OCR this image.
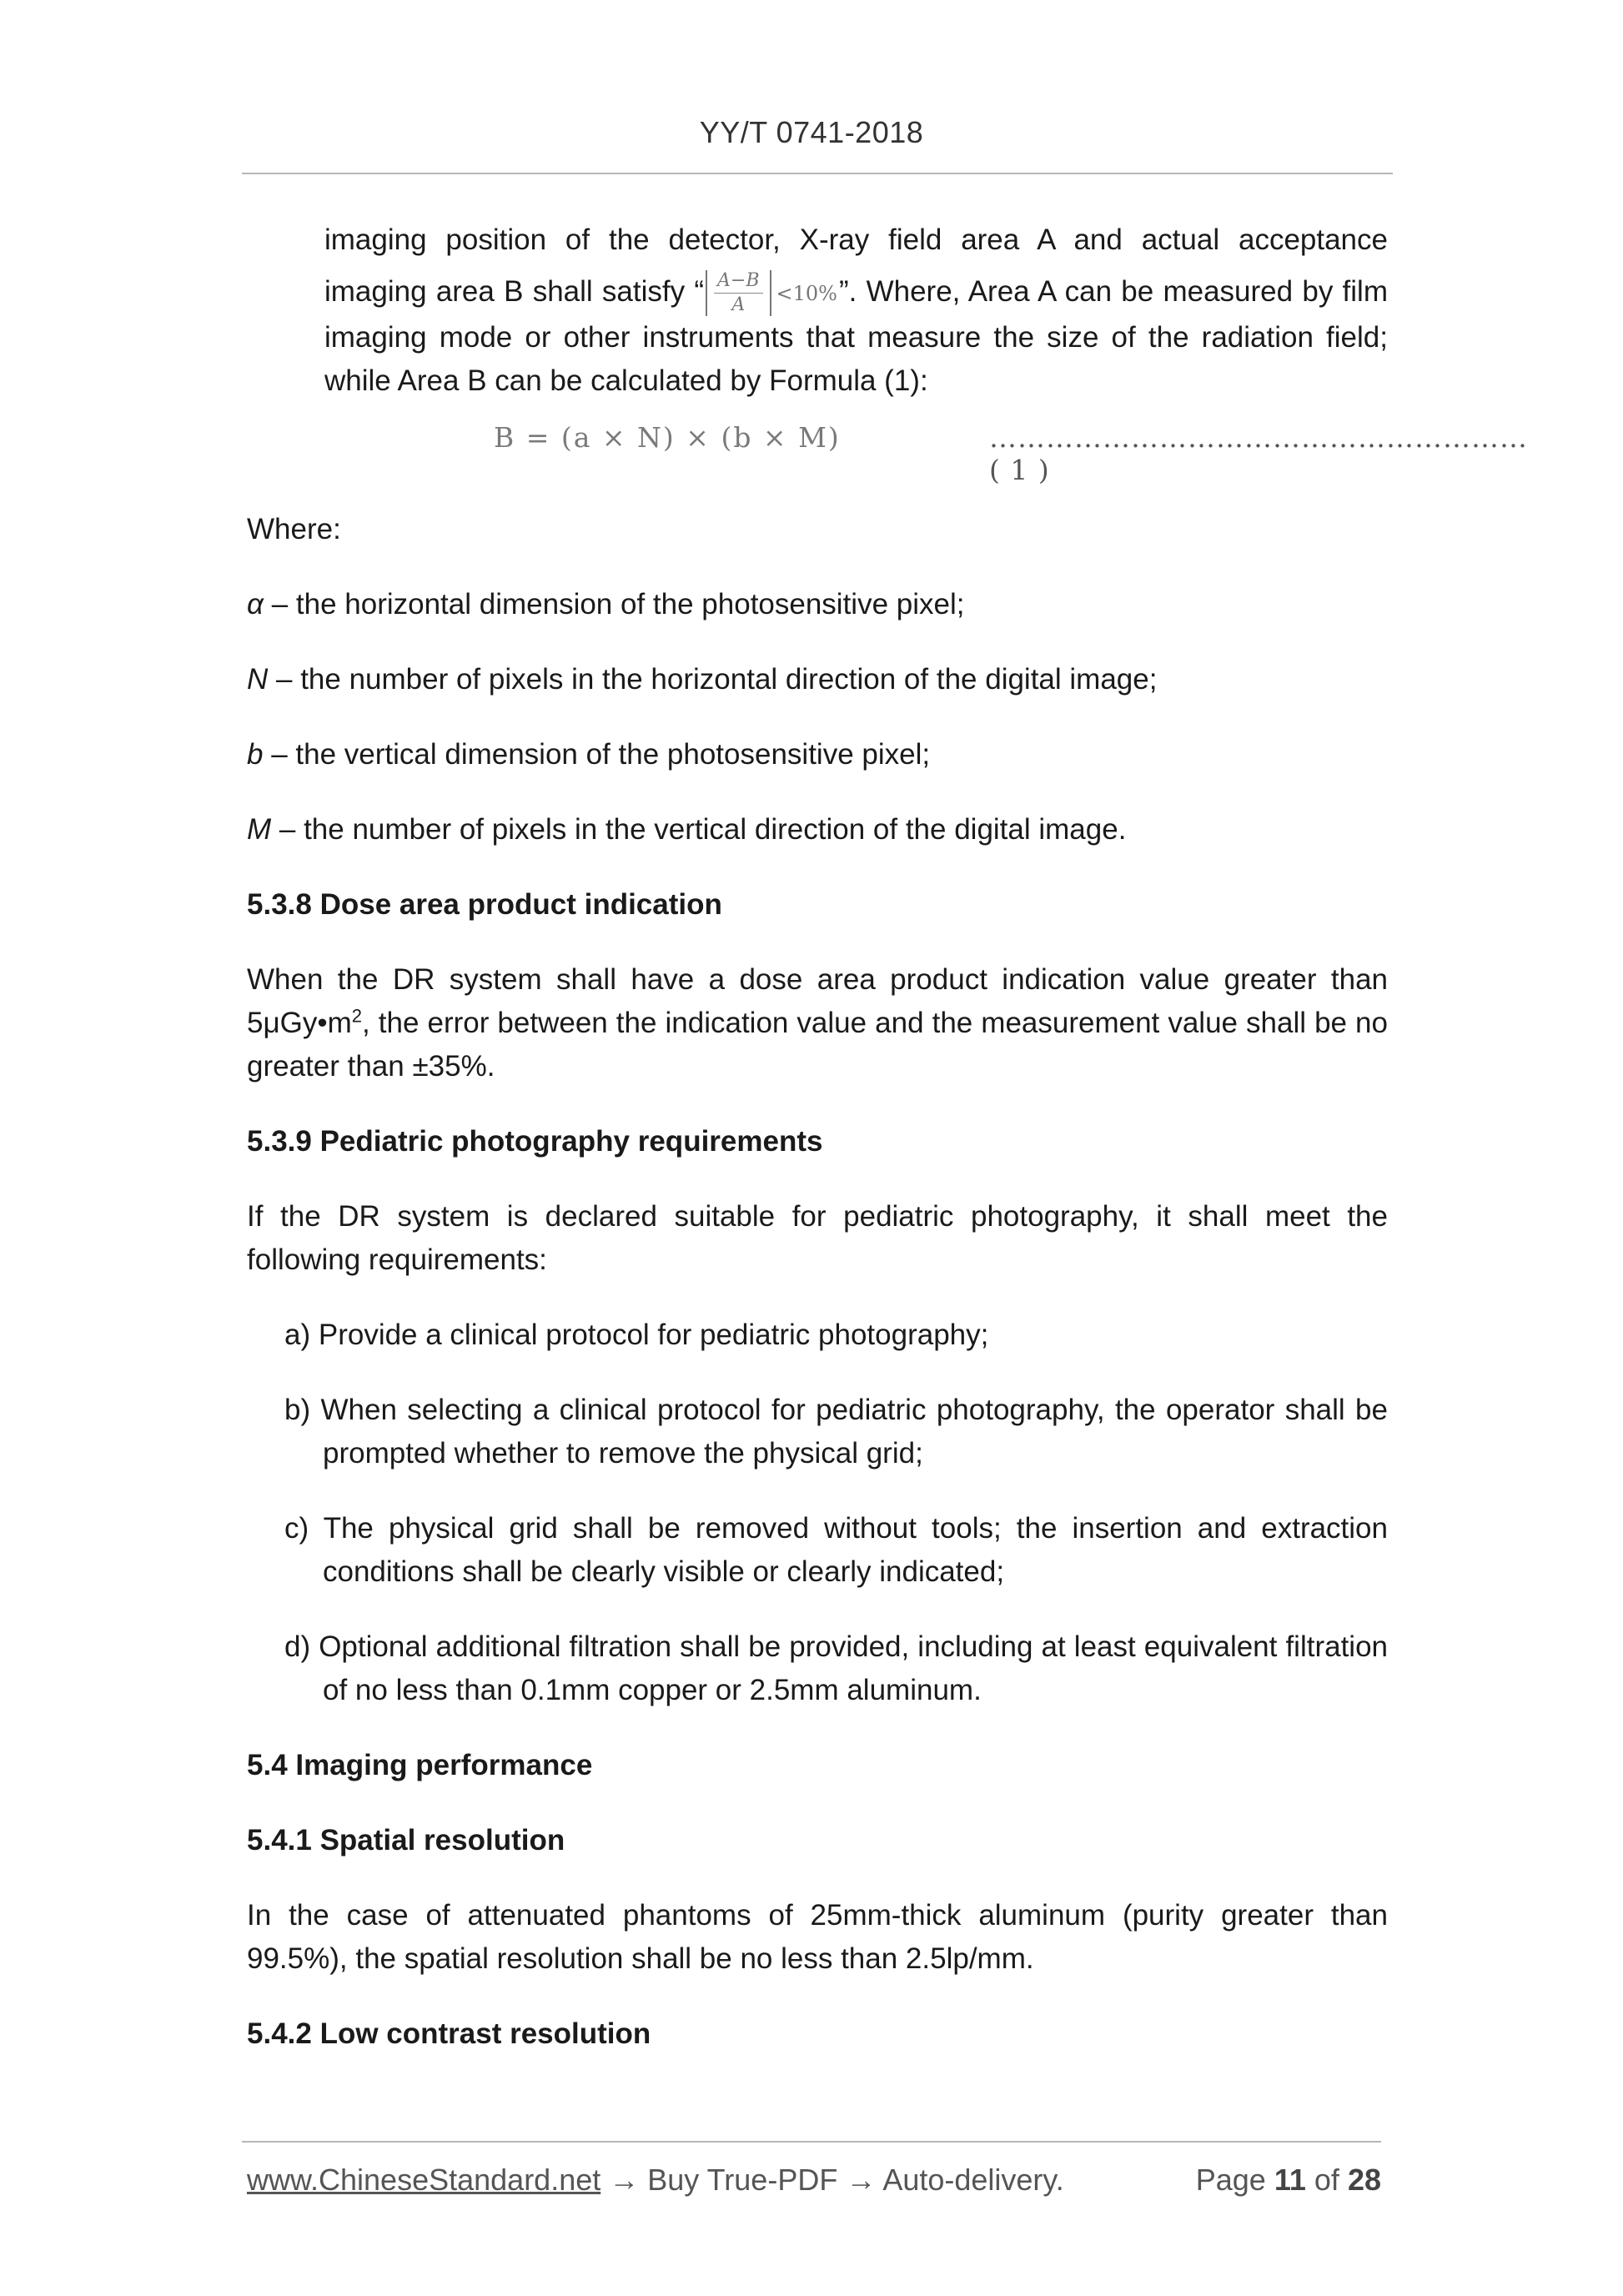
YY/T 0741-2018

imaging position of the detector, X-ray field area A and actual acceptance

imaging area B shall satisfy “ $\frac{A-B}{A} <10\%$”. Where, Area A can be measured by film imaging mode or other instruments that measure the size of the radiation field; while Area B can be calculated by Formula (1):

B = (a × N) × (b × M)	………………………………………………… ( 1 )

Where:

α – the horizontal dimension of the photosensitive pixel;

N – the number of pixels in the horizontal direction of the digital image;

b – the vertical dimension of the photosensitive pixel;

M – the number of pixels in the vertical direction of the digital image.

5.3.8 Dose area product indication

When the DR system shall have a dose area product indication value greater than $5\mu Gy•m^2$, the error between the indication value and the measurement value shall be no greater than ±35%.

5.3.9 Pediatric photography requirements

If the DR system is declared suitable for pediatric photography, it shall meet the following requirements:

a) Provide a clinical protocol for pediatric photography;

b) When selecting a clinical protocol for pediatric photography, the operator shall be prompted whether to remove the physical grid;

c) The physical grid shall be removed without tools; the insertion and extraction conditions shall be clearly visible or clearly indicated;

d) Optional additional filtration shall be provided, including at least equivalent filtration of no less than 0.1mm copper or 2.5mm aluminum.

5.4 Imaging performance

5.4.1 Spatial resolution

In the case of attenuated phantoms of 25mm-thick aluminum (purity greater than 99.5%), the spatial resolution shall be no less than 2.5lp/mm.

5.4.2 Low contrast resolution

www.ChineseStandard.net → Buy True-PDF → Auto-delivery.	Page 11 of 28
